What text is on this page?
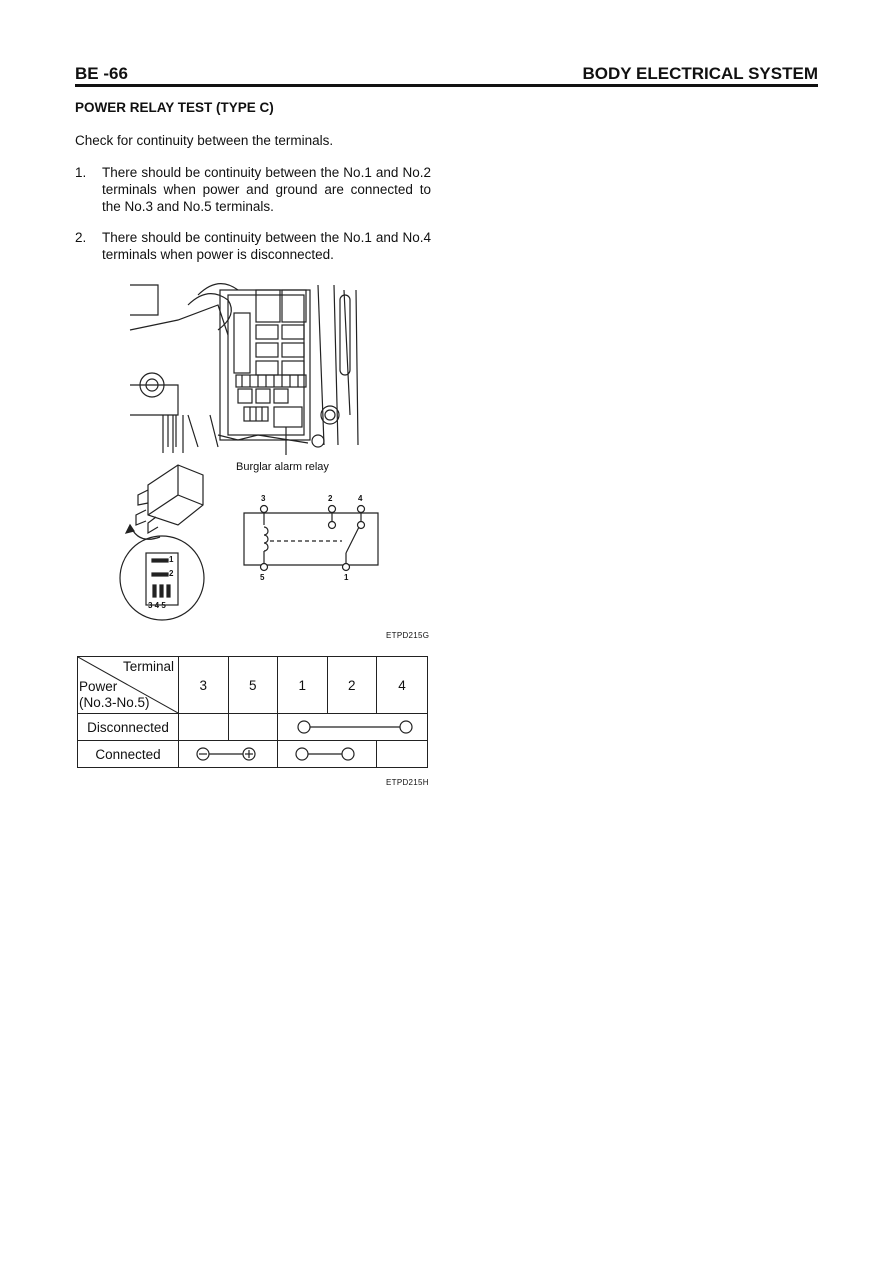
BE -66	BODY ELECTRICAL SYSTEM
POWER RELAY TEST (TYPE C)
Check for continuity between the terminals.
1. There should be continuity between the No.1 and No.2 terminals when power and ground are connected to the No.3 and No.5 terminals.
2. There should be continuity between the No.1 and No.4 terminals when power is disconnected.
Burglar alarm relay
3	2	4
5	1
1
2
3 4 5
ETPD215G
Terminal
Power
(No.3-No.5)	3	5	1	2	4
Disconnected			

Connected	

ETPD215H
